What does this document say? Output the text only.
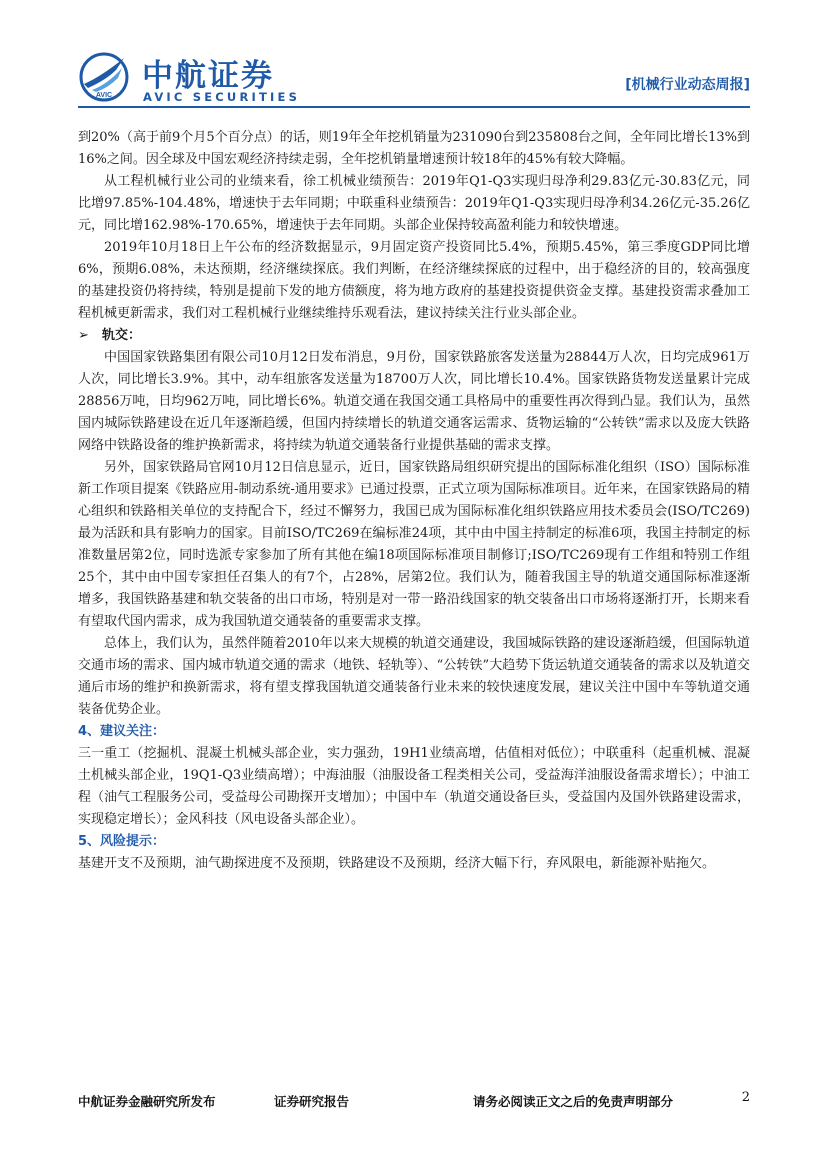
AVIC
中航证券
AVIC SECURITIES
[机械行业动态周报]

到20%（高于前9个月5个百分点）的话，则19年全年挖机销量为231090台到235808台之间，全年同比增长13%到16%之间。因全球及中国宏观经济持续走弱，全年挖机销量增速预计较18年的45%有较大降幅。

从工程机械行业公司的业绩来看，徐工机械业绩预告：2019年Q1-Q3实现归母净利29.83亿元-30.83亿元，同比增97.85%-104.48%，增速快于去年同期；中联重科业绩预告：2019年Q1-Q3实现归母净利34.26亿元-35.26亿元，同比增162.98%-170.65%，增速快于去年同期。头部企业保持较高盈利能力和较快增速。

2019年10月18日上午公布的经济数据显示，9月固定资产投资同比5.4%，预期5.45%，第三季度GDP同比增6%，预期6.08%，未达预期，经济继续探底。我们判断，在经济继续探底的过程中，出于稳经济的目的，较高强度的基建投资仍将持续，特别是提前下发的地方债额度，将为地方政府的基建投资提供资金支撑。基建投资需求叠加工程机械更新需求，我们对工程机械行业继续维持乐观看法，建议持续关注行业头部企业。

➢ 轨交：

中国国家铁路集团有限公司10月12日发布消息，9月份，国家铁路旅客发送量为28844万人次，日均完成961万人次，同比增长3.9%。其中，动车组旅客发送量为18700万人次，同比增长10.4%。国家铁路货物发送量累计完成28856万吨，日均962万吨，同比增长6%。轨道交通在我国交通工具格局中的重要性再次得到凸显。我们认为，虽然国内城际铁路建设在近几年逐渐趋缓，但国内持续增长的轨道交通客运需求、货物运输的“公转铁”需求以及庞大铁路网络中铁路设备的维护换新需求，将持续为轨道交通装备行业提供基础的需求支撑。

另外，国家铁路局官网10月12日信息显示，近日，国家铁路局组织研究提出的国际标准化组织（ISO）国际标准新工作项目提案《铁路应用-制动系统-通用要求》已通过投票，正式立项为国际标准项目。近年来，在国家铁路局的精心组织和铁路相关单位的支持配合下，经过不懈努力，我国已成为国际标准化组织铁路应用技术委员会(ISO/TC269)最为活跃和具有影响力的国家。目前ISO/TC269在编标准24项，其中由中国主持制定的标准6项，我国主持制定的标准数量居第2位，同时选派专家参加了所有其他在编18项国际标准项目制修订;ISO/TC269现有工作组和特别工作组25个，其中由中国专家担任召集人的有7个，占28%，居第2位。我们认为，随着我国主导的轨道交通国际标准逐渐增多，我国铁路基建和轨交装备的出口市场，特别是对一带一路沿线国家的轨交装备出口市场将逐渐打开，长期来看有望取代国内需求，成为我国轨道交通装备的重要需求支撑。

总体上，我们认为，虽然伴随着2010年以来大规模的轨道交通建设，我国城际铁路的建设逐渐趋缓，但国际轨道交通市场的需求、国内城市轨道交通的需求（地铁、轻轨等）、“公转铁”大趋势下货运轨道交通装备的需求以及轨道交通后市场的维护和换新需求，将有望支撑我国轨道交通装备行业未来的较快速度发展，建议关注中国中车等轨道交通装备优势企业。

4、建议关注：

三一重工（挖掘机、混凝土机械头部企业，实力强劲，19H1业绩高增，估值相对低位）；中联重科（起重机械、混凝土机械头部企业，19Q1-Q3业绩高增）；中海油服（油服设备工程类相关公司，受益海洋油服设备需求增长）；中油工程（油气工程服务公司，受益母公司勘探开支增加）；中国中车（轨道交通设备巨头，受益国内及国外铁路建设需求，实现稳定增长）；金风科技（风电设备头部企业）。

5、风险提示：

基建开支不及预期，油气勘探进度不及预期，铁路建设不及预期，经济大幅下行，弃风限电，新能源补贴拖欠。

中航证券金融研究所发布	证券研究报告	请务必阅读正文之后的免责声明部分	2
